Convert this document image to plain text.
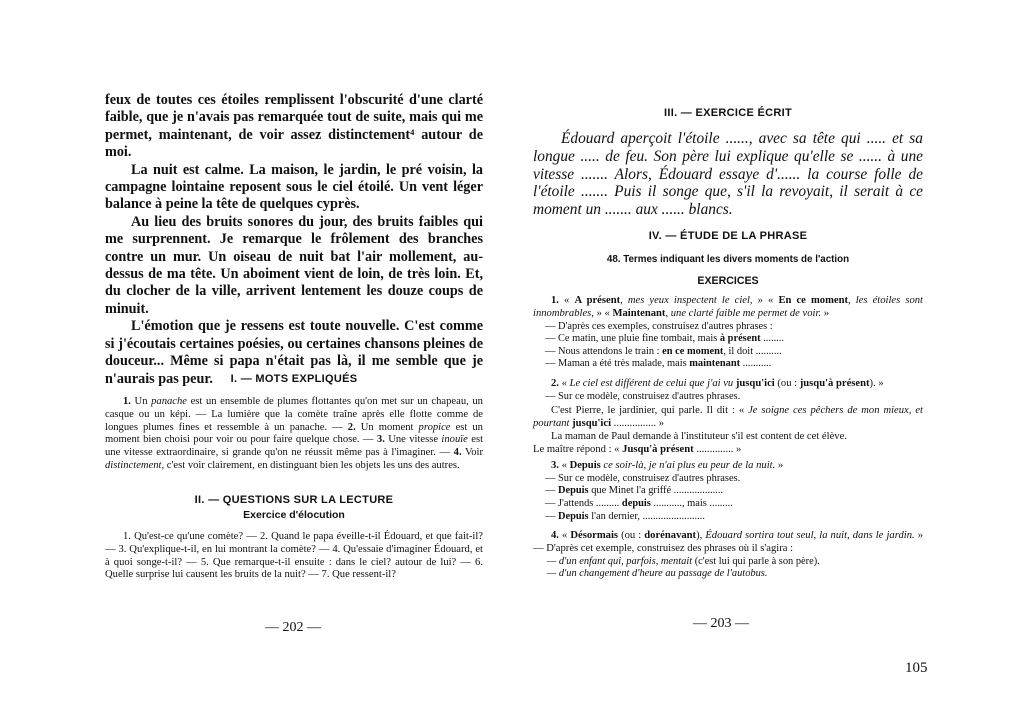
feux de toutes ces étoiles remplissent l'obscurité d'une clarté faible, que je n'avais pas remarquée tout de suite, mais qui me permet, maintenant, de voir assez distinctement⁴ autour de moi.

La nuit est calme. La maison, le jardin, le pré voisin, la campagne lointaine reposent sous le ciel étoilé. Un vent léger balance à peine la tête de quelques cyprès.

Au lieu des bruits sonores du jour, des bruits faibles qui me surprennent. Je remarque le frôlement des branches contre un mur. Un oiseau de nuit bat l'air mollement, au-dessus de ma tête. Un aboiment vient de loin, de très loin. Et, du clocher de la ville, arrivent lentement les douze coups de minuit.

L'émotion que je ressens est toute nouvelle. C'est comme si j'écoutais certaines poésies, ou certaines chansons pleines de douceur... Même si papa n'était pas là, il me semble que je n'aurais pas peur.	I. — MOTS EXPLIQUÉS

1. Un panache est un ensemble de plumes flottantes qu'on met sur un chapeau, un casque ou un képi. — La lumière que la comète traîne après elle flotte comme de longues plumes fines et ressemble à un panache. — 2. Un moment propice est un moment bien choisi pour voir ou pour faire quelque chose. — 3. Une vitesse inouïe est une vitesse extraordinaire, si grande qu'on ne réussit même pas à l'imaginer. — 4. Voir distinctement, c'est voir clairement, en distinguant bien les objets les uns des autres.

II. — QUESTIONS SUR LA LECTURE
Exercice d'élocution

1. Qu'est-ce qu'une comète? — 2. Quand le papa éveille-t-il Édouard, et que fait-il? — 3. Qu'explique-t-il, en lui montrant la comète? — 4. Qu'essaie d'imaginer Édouard, et à quoi songe-t-il? — 5. Que remarque-t-il ensuite : dans le ciel? autour de lui? — 6. Quelle surprise lui causent les bruits de la nuit? — 7. Que ressent-il?

— 202 —
III. — EXERCICE ÉCRIT

Édouard aperçoit l'étoile ......, avec sa tête qui ..... et sa longue ..... de feu. Son père lui explique qu'elle se ...... à une vitesse ....... Alors, Édouard essaye d'...... la course folle de l'étoile ....... Puis il songe que, s'il la revoyait, il serait à ce moment un ....... aux ...... blancs.

IV. — ÉTUDE DE LA PHRASE
48. Termes indiquant les divers moments de l'action
EXERCICES

1. « A présent, mes yeux inspectent le ciel, » « En ce moment, les étoiles sont innombrables, » « Maintenant, une clarté faible me permet de voir. »

— D'après ces exemples, construisez d'autres phrases :

— Ce matin, une pluie fine tombait, mais à présent ........

— Nous attendons le train : en ce moment, il doit ..........

— Maman a été très malade, mais maintenant ...........

2. « Le ciel est différent de celui que j'ai vu jusqu'ici (ou : jusqu'à présent). »

— Sur ce modèle, construisez d'autres phrases.

C'est Pierre, le jardinier, qui parle. Il dit : « Je soigne ces pêchers de mon mieux, et pourtant jusqu'ici ................ »

La maman de Paul demande à l'instituteur s'il est content de cet élève.

Le maître répond : « Jusqu'à présent .............. »

3. « Depuis ce soir-là, je n'ai plus eu peur de la nuit. »

— Sur ce modèle, construisez d'autres phrases.

— Depuis que Minet l'a griffé ...................

— J'attends ......... depuis ..........., mais .........

— Depuis l'an dernier, ........................

4. « Désormais (ou : dorénavant), Édouard sortira tout seul, la nuit, dans le jardin. » — D'après cet exemple, construisez des phrases où il s'agira :

— d'un enfant qui, parfois, mentait (c'est lui qui parle à son père).

— d'un changement d'heure au passage de l'autobus.

— 203 —
105
